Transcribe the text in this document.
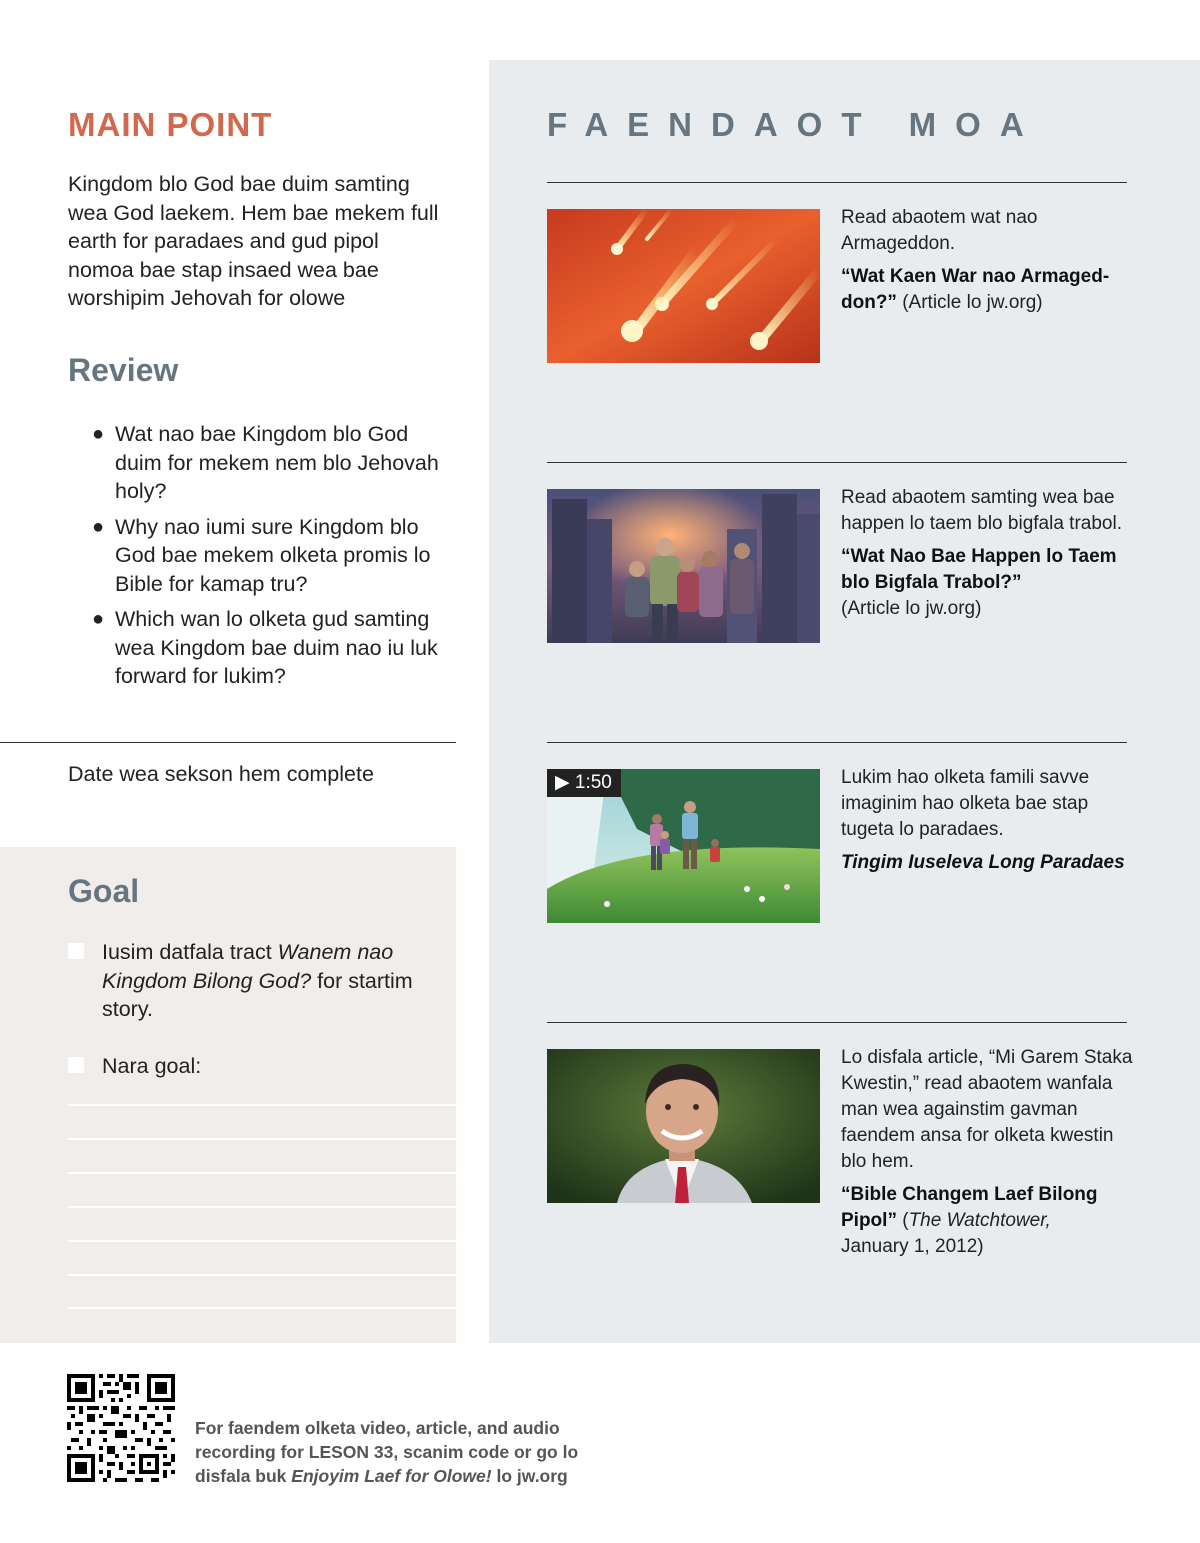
MAIN POINT
Kingdom blo God bae duim samting wea God laekem. Hem bae mekem full earth for paradaes and gud pipol nomoa bae stap insaed wea bae worshipim Jehovah for olowe
Review
● Wat nao bae Kingdom blo God duim for mekem nem blo Jehovah holy?
● Why nao iumi sure Kingdom blo God bae mekem olketa promis lo Bible for kamap tru?
● Which wan lo olketa gud samting wea Kingdom bae duim nao iu luk forward for lukim?
Date wea sekson hem complete
Goal
Iusim datfala tract Wanem nao Kingdom Bilong God? for startim story.
Nara goal:
FAENDAOT MOA
Read abaotem wat nao Armageddon.
“Wat Kaen War nao Armageddon?” (Article lo jw.org)
Read abaotem samting wea bae happen lo taem blo bigfala trabol.
“Wat Nao Bae Happen lo Taem blo Bigfala Trabol?”
(Article lo jw.org)
▶ 1:50	Lukim hao olketa famili savve imaginim hao olketa bae stap tugeta lo paradaes.
Tingim Iuseleva Long Paradaes
Lo disfala article, “Mi Garem Staka Kwestin,” read abaotem wanfala man wea againstim gavman faendem ansa for olketa kwestin blo hem.
“Bible Changem Laef Bilong Pipol” (The Watchtower,
January 1, 2012)
For faendem olketa video, article, and audio recording for LESON 33, scanim code or go lo disfala buk Enjoyim Laef for Olowe! lo jw.org
